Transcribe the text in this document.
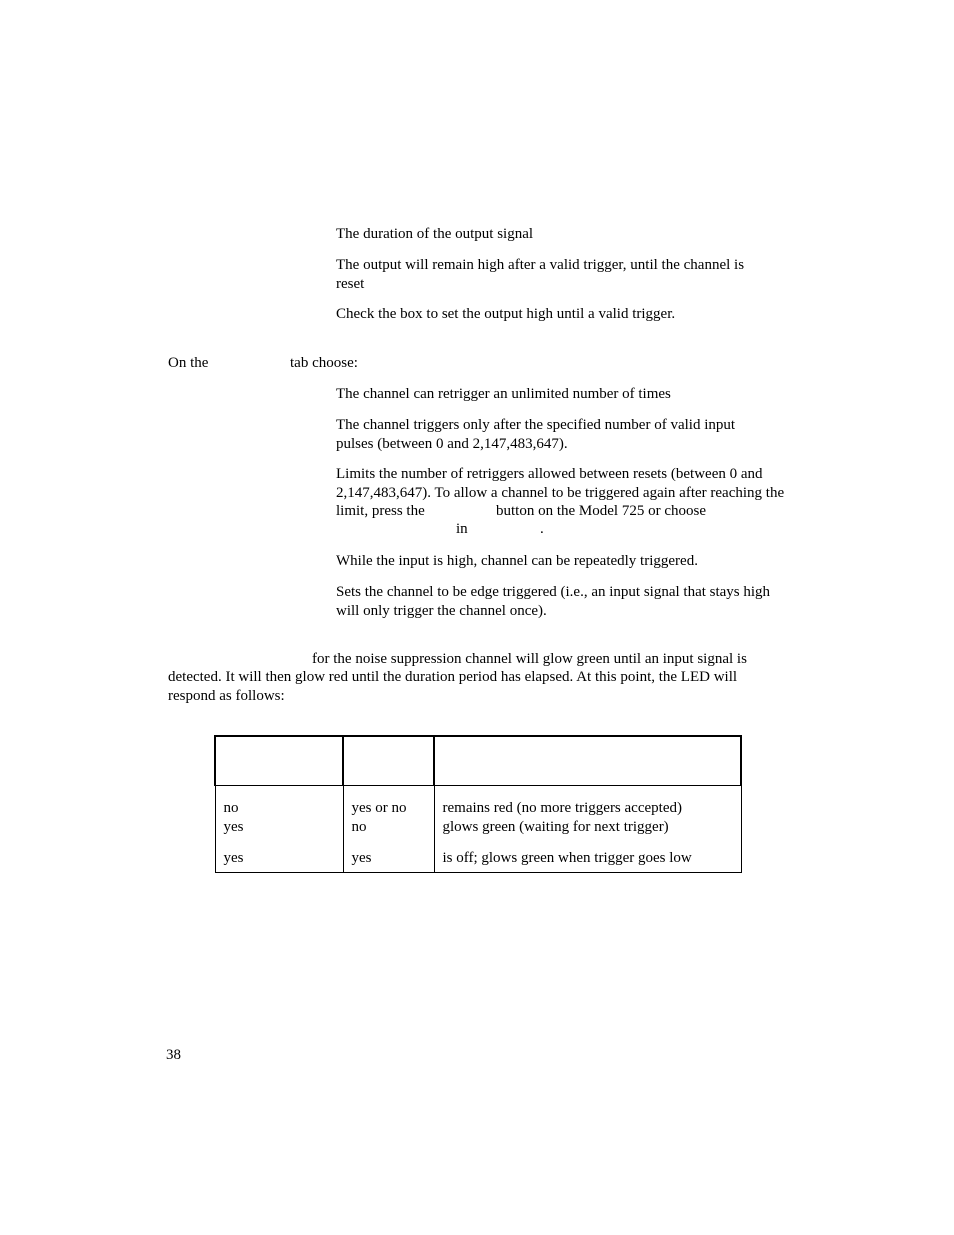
The duration of the output signal

The output will remain high after a valid trigger, until the channel is reset

Check the box to set the output high until a valid trigger.

On the	tab choose:

The channel can retrigger an unlimited number of times

The channel triggers only after the specified number of valid input pulses (between 0 and 2,147,483,647).

Limits the number of retriggers allowed between resets (between 0 and 2,147,483,647). To allow a channel to be triggered again after reaching the limit, press the	button on the Model 725 or choose
in	.

While the input is high, channel can be repeatedly triggered.

Sets the channel to be edge triggered (i.e., an input signal that stays high will only trigger the channel once).

for the noise suppression channel will glow green until an input signal is

detected. It will then glow red until the duration period has elapsed. At this point, the LED will respond as follows:

no	yes or no	remains red (no more triggers accepted)
yes	no	glows green (waiting for next trigger)
yes	yes	is off; glows green when trigger goes low

38
